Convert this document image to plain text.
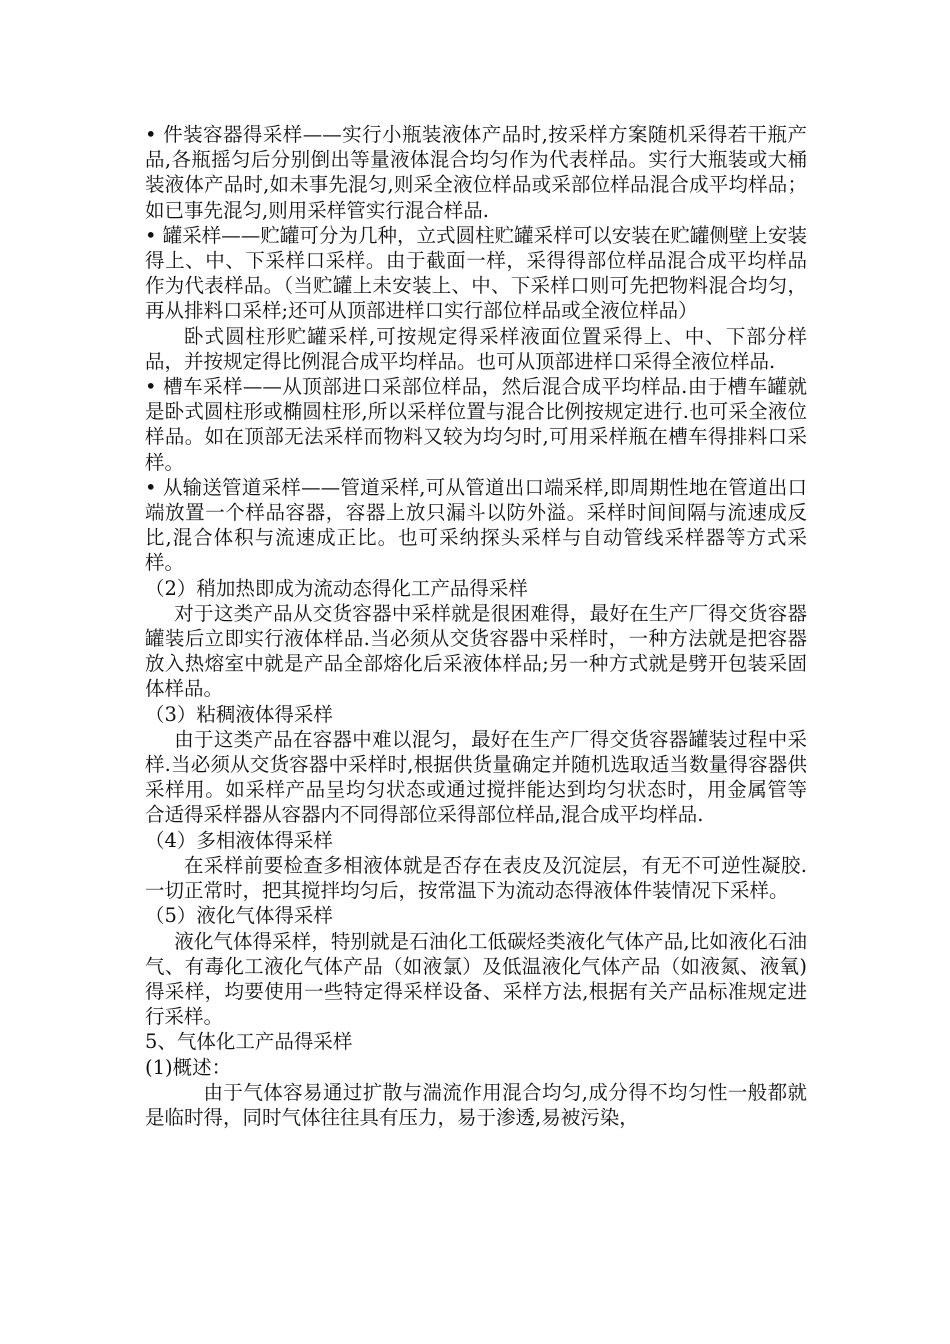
• 件装容器得采样——实行小瓶装液体产品时,按采样方案随机采得若干瓶产品,各瓶摇匀后分别倒出等量液体混合均匀作为代表样品。实行大瓶装或大桶装液体产品时,如未事先混匀,则采全液位样品或采部位样品混合成平均样品；如已事先混匀,则用采样管实行混合样品.

• 罐采样——贮罐可分为几种，立式圆柱贮罐采样可以安装在贮罐侧壁上安装得上、中、下采样口采样。由于截面一样，采得得部位样品混合成平均样品作为代表样品。（当贮罐上未安装上、中、下采样口则可先把物料混合均匀，再从排料口采样;还可从顶部进样口实行部位样品或全液位样品）

卧式圆柱形贮罐采样,可按规定得采样液面位置采得上、中、下部分样品，并按规定得比例混合成平均样品。也可从顶部进样口采得全液位样品.

• 槽车采样——从顶部进口采部位样品，然后混合成平均样品.由于槽车罐就是卧式圆柱形或椭圆柱形,所以采样位置与混合比例按规定进行.也可采全液位样品。如在顶部无法采样而物料又较为均匀时,可用采样瓶在槽车得排料口采样。

• 从输送管道采样——管道采样,可从管道出口端采样,即周期性地在管道出口端放置一个样品容器，容器上放只漏斗以防外溢。采样时间间隔与流速成反比,混合体积与流速成正比。也可采纳探头采样与自动管线采样器等方式采样。

（2）稍加热即成为流动态得化工产品得采样

对于这类产品从交货容器中采样就是很困难得，最好在生产厂得交货容器罐装后立即实行液体样品.当必须从交货容器中采样时，一种方法就是把容器放入热熔室中就是产品全部熔化后采液体样品;另一种方式就是劈开包装采固体样品。

（3）粘稠液体得采样

由于这类产品在容器中难以混匀，最好在生产厂得交货容器罐装过程中采样.当必须从交货容器中采样时,根据供货量确定并随机选取适当数量得容器供采样用。如采样产品呈均匀状态或通过搅拌能达到均匀状态时，用金属管等合适得采样器从容器内不同得部位采得部位样品,混合成平均样品.

（4）多相液体得采样

在采样前要检查多相液体就是否存在表皮及沉淀层，有无不可逆性凝胶. 一切正常时，把其搅拌均匀后，按常温下为流动态得液体件装情况下采样。

（5）液化气体得采样

液化气体得采样，特别就是石油化工低碳烃类液化气体产品,比如液化石油气、有毒化工液化气体产品（如液氯）及低温液化气体产品（如液氮、液氧)得采样，均要使用一些特定得采样设备、采样方法,根据有关产品标准规定进行采样。

5、气体化工产品得采样

(1)概述：

由于气体容易通过扩散与湍流作用混合均匀,成分得不均匀性一般都就是临时得，同时气体往往具有压力，易于渗透,易被污染，
